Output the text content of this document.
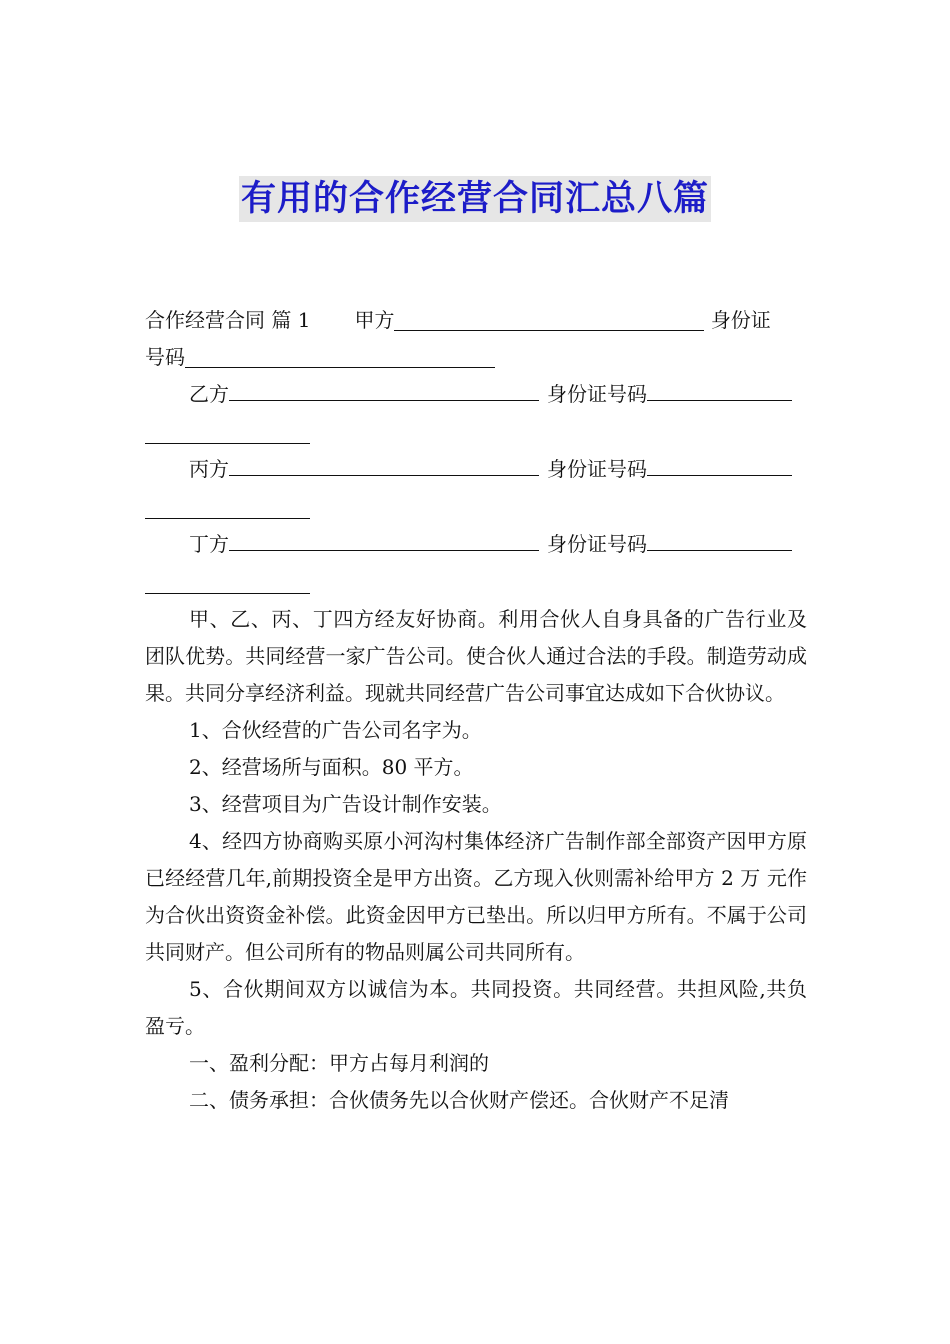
有用的合作经营合同汇总八篇

合作经营合同 篇 1 甲方	身份证

号码

乙方	身份证号码
丙方	身份证号码
丁方	身份证号码

甲、乙、丙、丁四方经友好协商。利用合伙人自身具备的广告行业及团队优势。共同经营一家广告公司。使合伙人通过合法的手段。制造劳动成果。共同分享经济利益。现就共同经营广告公司事宜达成如下合伙协议。

1、合伙经营的广告公司名字为。

2、经营场所与面积。80 平方。

3、经营项目为广告设计制作安装。

4、经四方协商购买原小河沟村集体经济广告制作部全部资产因甲方原已经经营几年,前期投资全是甲方出资。乙方现入伙则需补给甲方 2 万 元作为合伙出资资金补偿。此资金因甲方已垫出。所以归甲方所有。不属于公司共同财产。但公司所有的物品则属公司共同所有。

5、合伙期间双方以诚信为本。共同投资。共同经营。共担风险,共负盈亏。

一、盈利分配：甲方占每月利润的

二、债务承担：合伙债务先以合伙财产偿还。合伙财产不足清
